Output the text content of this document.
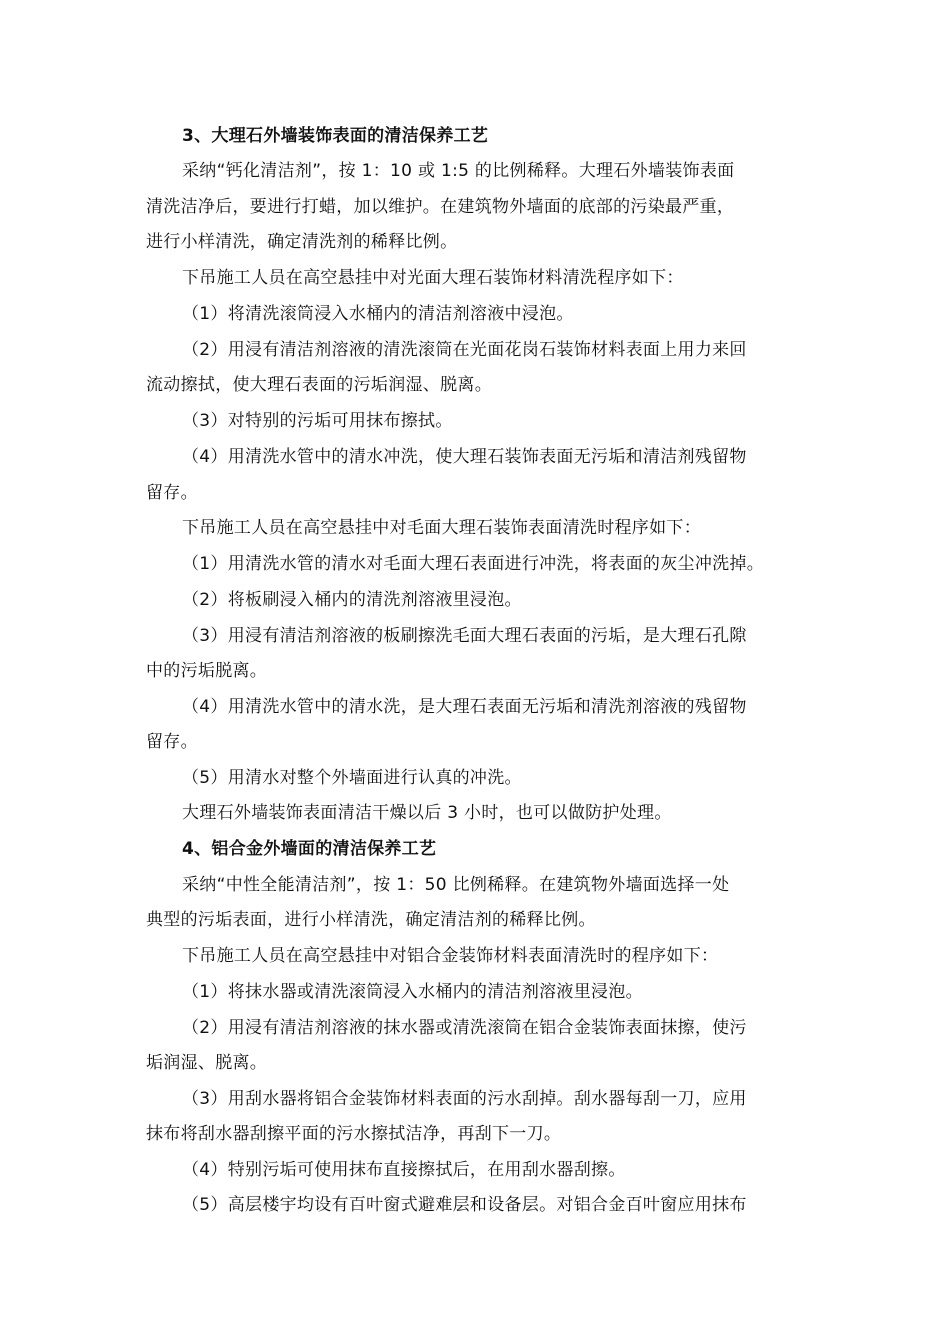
3、大理石外墙装饰表面的清洁保养工艺
采纳“钙化清洁剂”，按 1：10 或 1:5 的比例稀释。大理石外墙装饰表面
清洗洁净后，要进行打蜡，加以维护。在建筑物外墙面的底部的污染最严重，
进行小样清洗，确定清洗剂的稀释比例。
下吊施工人员在高空悬挂中对光面大理石装饰材料清洗程序如下：
（1）将清洗滚筒浸入水桶内的清洁剂溶液中浸泡。
（2）用浸有清洁剂溶液的清洗滚筒在光面花岗石装饰材料表面上用力来回
流动擦拭，使大理石表面的污垢润湿、脱离。
（3）对特别的污垢可用抹布擦拭。
（4）用清洗水管中的清水冲洗，使大理石装饰表面无污垢和清洁剂残留物
留存。
下吊施工人员在高空悬挂中对毛面大理石装饰表面清洗时程序如下：
（1）用清洗水管的清水对毛面大理石表面进行冲洗，将表面的灰尘冲洗掉。
（2）将板刷浸入桶内的清洗剂溶液里浸泡。
（3）用浸有清洁剂溶液的板刷擦洗毛面大理石表面的污垢，是大理石孔隙
中的污垢脱离。
（4）用清洗水管中的清水洗，是大理石表面无污垢和清洗剂溶液的残留物
留存。
（5）用清水对整个外墙面进行认真的冲洗。
大理石外墙装饰表面清洁干燥以后 3 小时，也可以做防护处理。
4、铝合金外墙面的清洁保养工艺
采纳“中性全能清洁剂”，按 1：50 比例稀释。在建筑物外墙面选择一处
典型的污垢表面，进行小样清洗，确定清洁剂的稀释比例。
下吊施工人员在高空悬挂中对铝合金装饰材料表面清洗时的程序如下：
（1）将抹水器或清洗滚筒浸入水桶内的清洁剂溶液里浸泡。
（2）用浸有清洁剂溶液的抹水器或清洗滚筒在铝合金装饰表面抹擦，使污
垢润湿、脱离。
（3）用刮水器将铝合金装饰材料表面的污水刮掉。刮水器每刮一刀，应用
抹布将刮水器刮擦平面的污水擦拭洁净，再刮下一刀。
（4）特别污垢可使用抹布直接擦拭后，在用刮水器刮擦。
（5）高层楼宇均设有百叶窗式避难层和设备层。对铝合金百叶窗应用抹布
